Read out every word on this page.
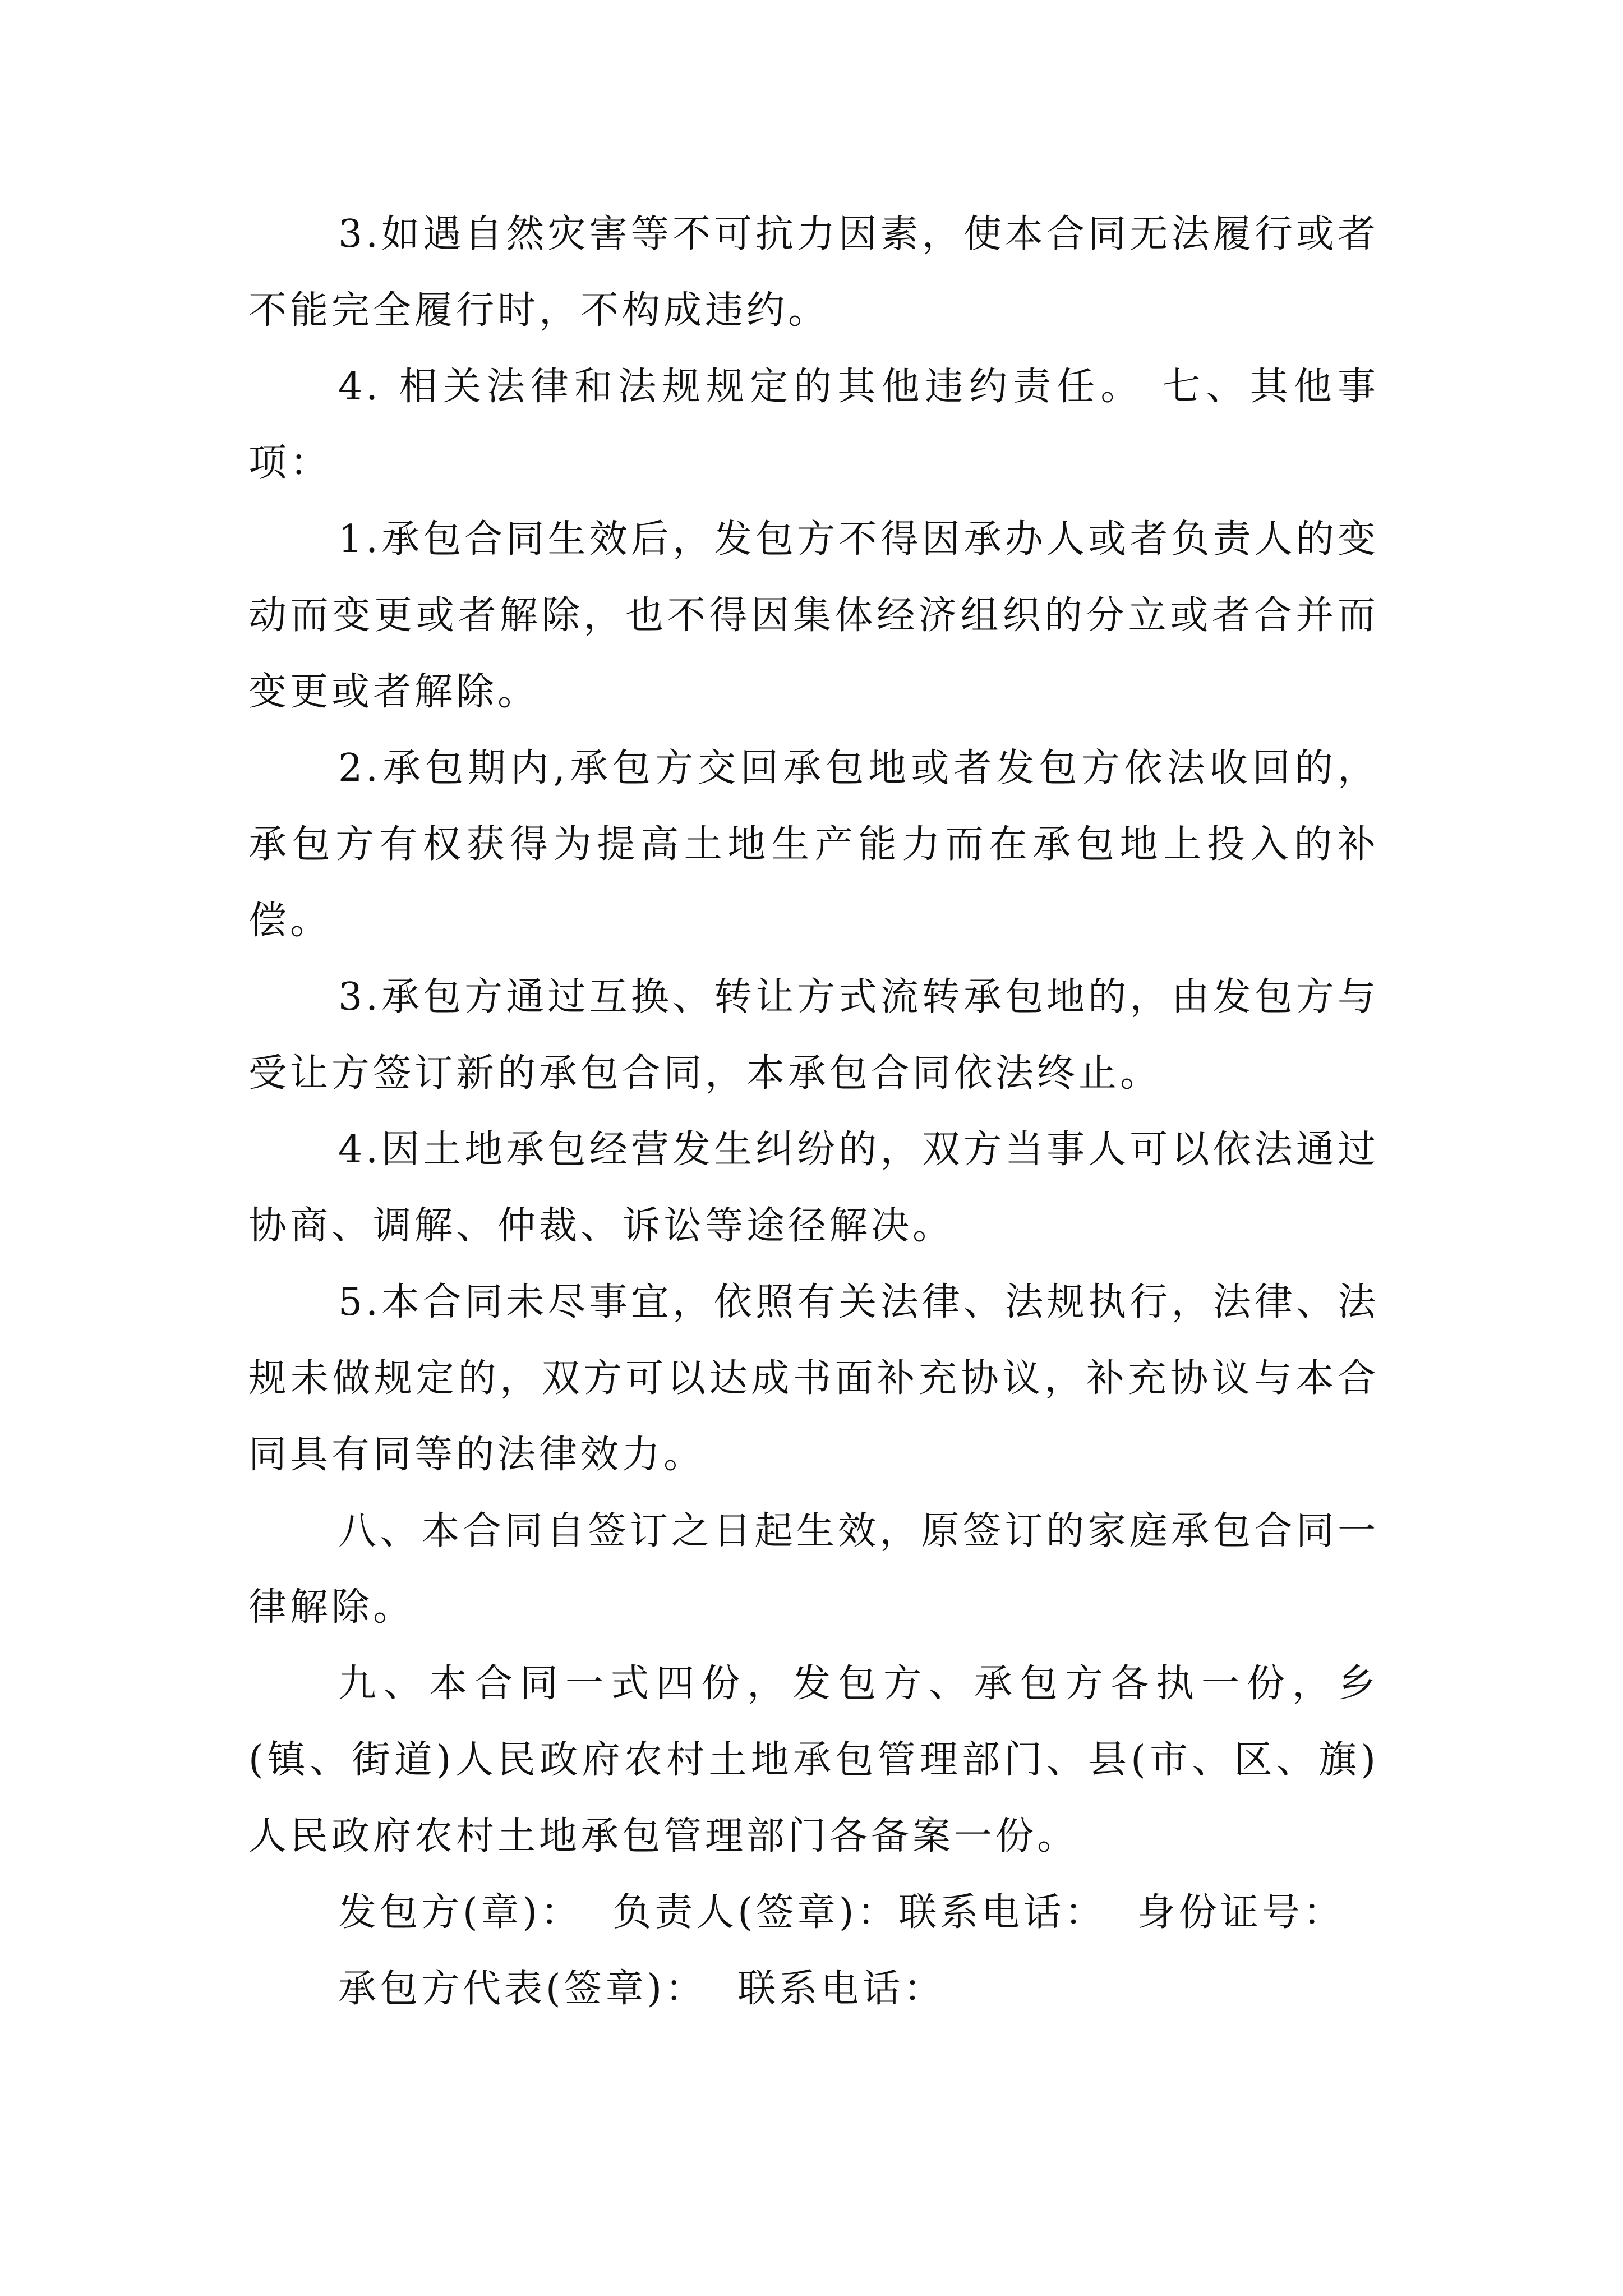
3.如遇自然灾害等不可抗力因素，使本合同无法履行或者不能完全履行时，不构成违约。

4. 相关法律和法规规定的其他违约责任。 七、其他事项：

1.承包合同生效后，发包方不得因承办人或者负责人的变动而变更或者解除，也不得因集体经济组织的分立或者合并而变更或者解除。

2.承包期内,承包方交回承包地或者发包方依法收回的，承包方有权获得为提高土地生产能力而在承包地上投入的补偿。

3.承包方通过互换、转让方式流转承包地的，由发包方与受让方签订新的承包合同，本承包合同依法终止。

4.因土地承包经营发生纠纷的，双方当事人可以依法通过协商、调解、仲裁、诉讼等途径解决。

5.本合同未尽事宜，依照有关法律、法规执行，法律、法规未做规定的，双方可以达成书面补充协议，补充协议与本合同具有同等的法律效力。

八、本合同自签订之日起生效，原签订的家庭承包合同一律解除。

九、本合同一式四份，发包方、承包方各执一份，乡(镇、街道)人民政府农村土地承包管理部门、县(市、区、旗)人民政府农村土地承包管理部门各备案一份。

发包方(章)：  负责人(签章)：联系电话：  身份证号：

承包方代表(签章)：  联系电话：
